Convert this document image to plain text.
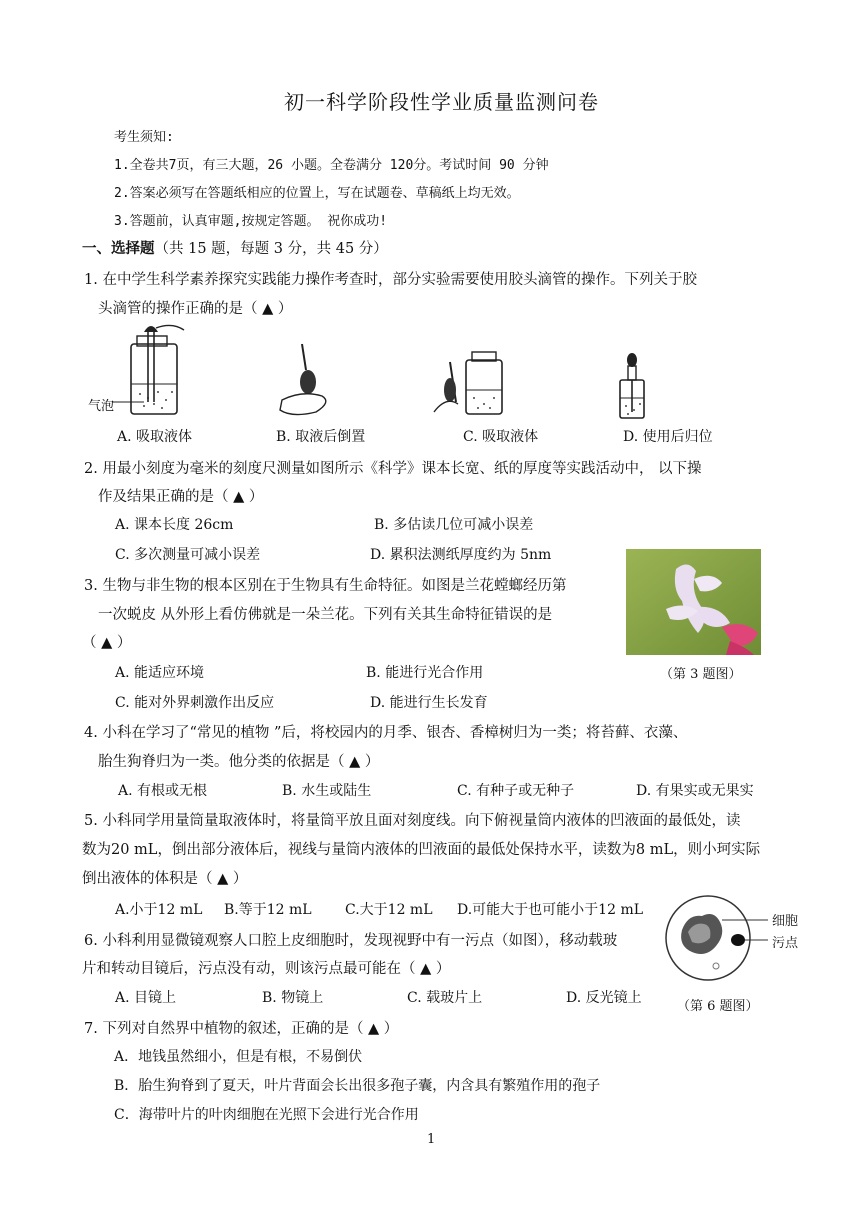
初一科学阶段性学业质量监测问卷
考生须知:
1.全卷共7页，有三大题，26 小题。全卷满分 120分。考试时间 90 分钟
2.答案必须写在答题纸相应的位置上，写在试题卷、草稿纸上均无效。
3.答题前，认真审题,按规定答题。 祝你成功!
一、选择题（共 15 题，每题 3 分，共 45 分）
1. 在中学生科学素养探究实践能力操作考查时，部分实验需要使用胶头滴管的操作。下列关于胶
头滴管的操作正确的是（ ▲ ）
气泡
A. 吸取液体	B. 取液后倒置	C. 吸取液体	D. 使用后归位
2. 用最小刻度为毫米的刻度尺测量如图所示《科学》课本长宽、纸的厚度等实践活动中， 以下操
作及结果正确的是（ ▲ ）
A. 课本长度 26cm	B. 多估读几位可减小误差
C. 多次测量可减小误差	D. 累积法测纸厚度约为 5nm
3. 生物与非生物的根本区别在于生物具有生命特征。如图是兰花螳螂经历第
一次蜕皮 从外形上看仿佛就是一朵兰花。下列有关其生命特征错误的是
（ ▲ ）
A. 能适应环境	B. 能进行光合作用
C. 能对外界刺激作出反应	D. 能进行生长发育
（第 3 题图）
4. 小科在学习了“常见的植物 ”后，将校园内的月季、银杏、香樟树归为一类；将苔藓、衣藻、
胎生狗脊归为一类。他分类的依据是（ ▲ ）
A. 有根或无根	B. 水生或陆生	C. 有种子或无种子	D. 有果实或无果实
5. 小科同学用量筒量取液体时，将量筒平放且面对刻度线。向下俯视量筒内液体的凹液面的最低处，读
数为20 mL，倒出部分液体后，视线与量筒内液体的凹液面的最低处保持水平，读数为8 mL，则小珂实际
倒出液体的体积是（ ▲ ）
A.小于12 mL B.等于12 mL C.大于12 mL D.可能大于也可能小于12 mL
细胞
污点
6. 小科利用显微镜观察人口腔上皮细胞时，发现视野中有一污点（如图），移动载玻
片和转动目镜后，污点没有动，则该污点最可能在（ ▲ ）
A. 目镜上	B. 物镜上	C. 载玻片上	D. 反光镜上
（第 6 题图）
7. 下列对自然界中植物的叙述，正确的是（ ▲ ）
A．地钱虽然细小，但是有根，不易倒伏
B．胎生狗脊到了夏天，叶片背面会长出很多孢子囊，内含具有繁殖作用的孢子
C．海带叶片的叶肉细胞在光照下会进行光合作用
1
